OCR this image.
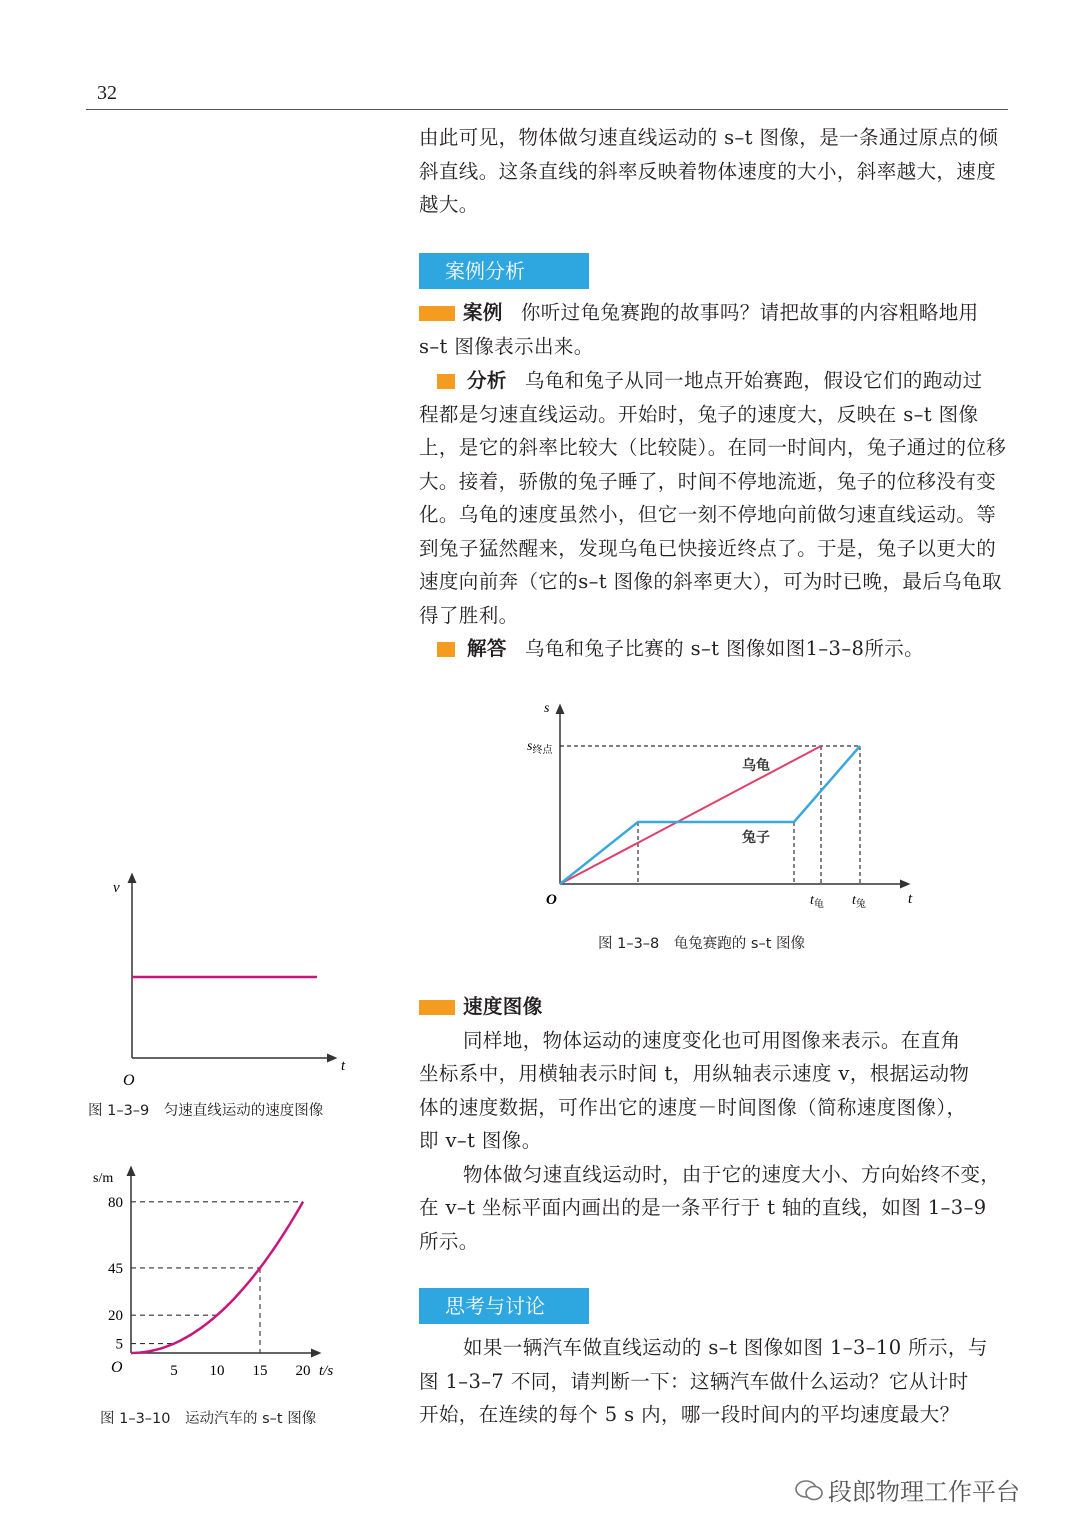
32
由此可见，物体做匀速直线运动的 s–t 图像，是一条通过原点的倾
斜直线。这条直线的斜率反映着物体速度的大小，斜率越大，速度
越大。
案例分析
案例 你听过龟兔赛跑的故事吗？请把故事的内容粗略地用
s–t 图像表示出来。
分析 乌龟和兔子从同一地点开始赛跑，假设它们的跑动过
程都是匀速直线运动。开始时，兔子的速度大，反映在 s–t 图像
上，是它的斜率比较大（比较陡）。在同一时间内，兔子通过的位移
大。接着，骄傲的兔子睡了，时间不停地流逝，兔子的位移没有变
化。乌龟的速度虽然小，但它一刻不停地向前做匀速直线运动。等
到兔子猛然醒来，发现乌龟已快接近终点了。于是，兔子以更大的
速度向前奔（它的s–t 图像的斜率更大），可为时已晚，最后乌龟取
得了胜利。
解答 乌龟和兔子比赛的 s–t 图像如图1–3–8所示。
s
t
O
$s_{终点}$
$t_龟$ $t_兔$
乌龟
兔子
图 1–3–8　龟兔赛跑的 s–t 图像
速度图像
同样地，物体运动的速度变化也可用图像来表示。在直角
坐标系中，用横轴表示时间 t，用纵轴表示速度 v，根据运动物
体的速度数据，可作出它的速度－时间图像（简称速度图像），
即 v–t 图像。
物体做匀速直线运动时，由于它的速度大小、方向始终不变，
在 v–t 坐标平面内画出的是一条平行于 t 轴的直线，如图 1–3–9
所示。
思考与讨论
如果一辆汽车做直线运动的 s–t 图像如图 1–3–10 所示，与
图 1–3–7 不同，请判断一下：这辆汽车做什么运动？它从计时
开始，在连续的每个 5 s 内，哪一段时间内的平均速度最大？
v
t
O
图 1–3–9　匀速直线运动的速度图像
5 10 15 20
5
20
45
80
s/m
t/s
O
图 1–3–10　运动汽车的 s–t 图像
段郎物理工作平台
